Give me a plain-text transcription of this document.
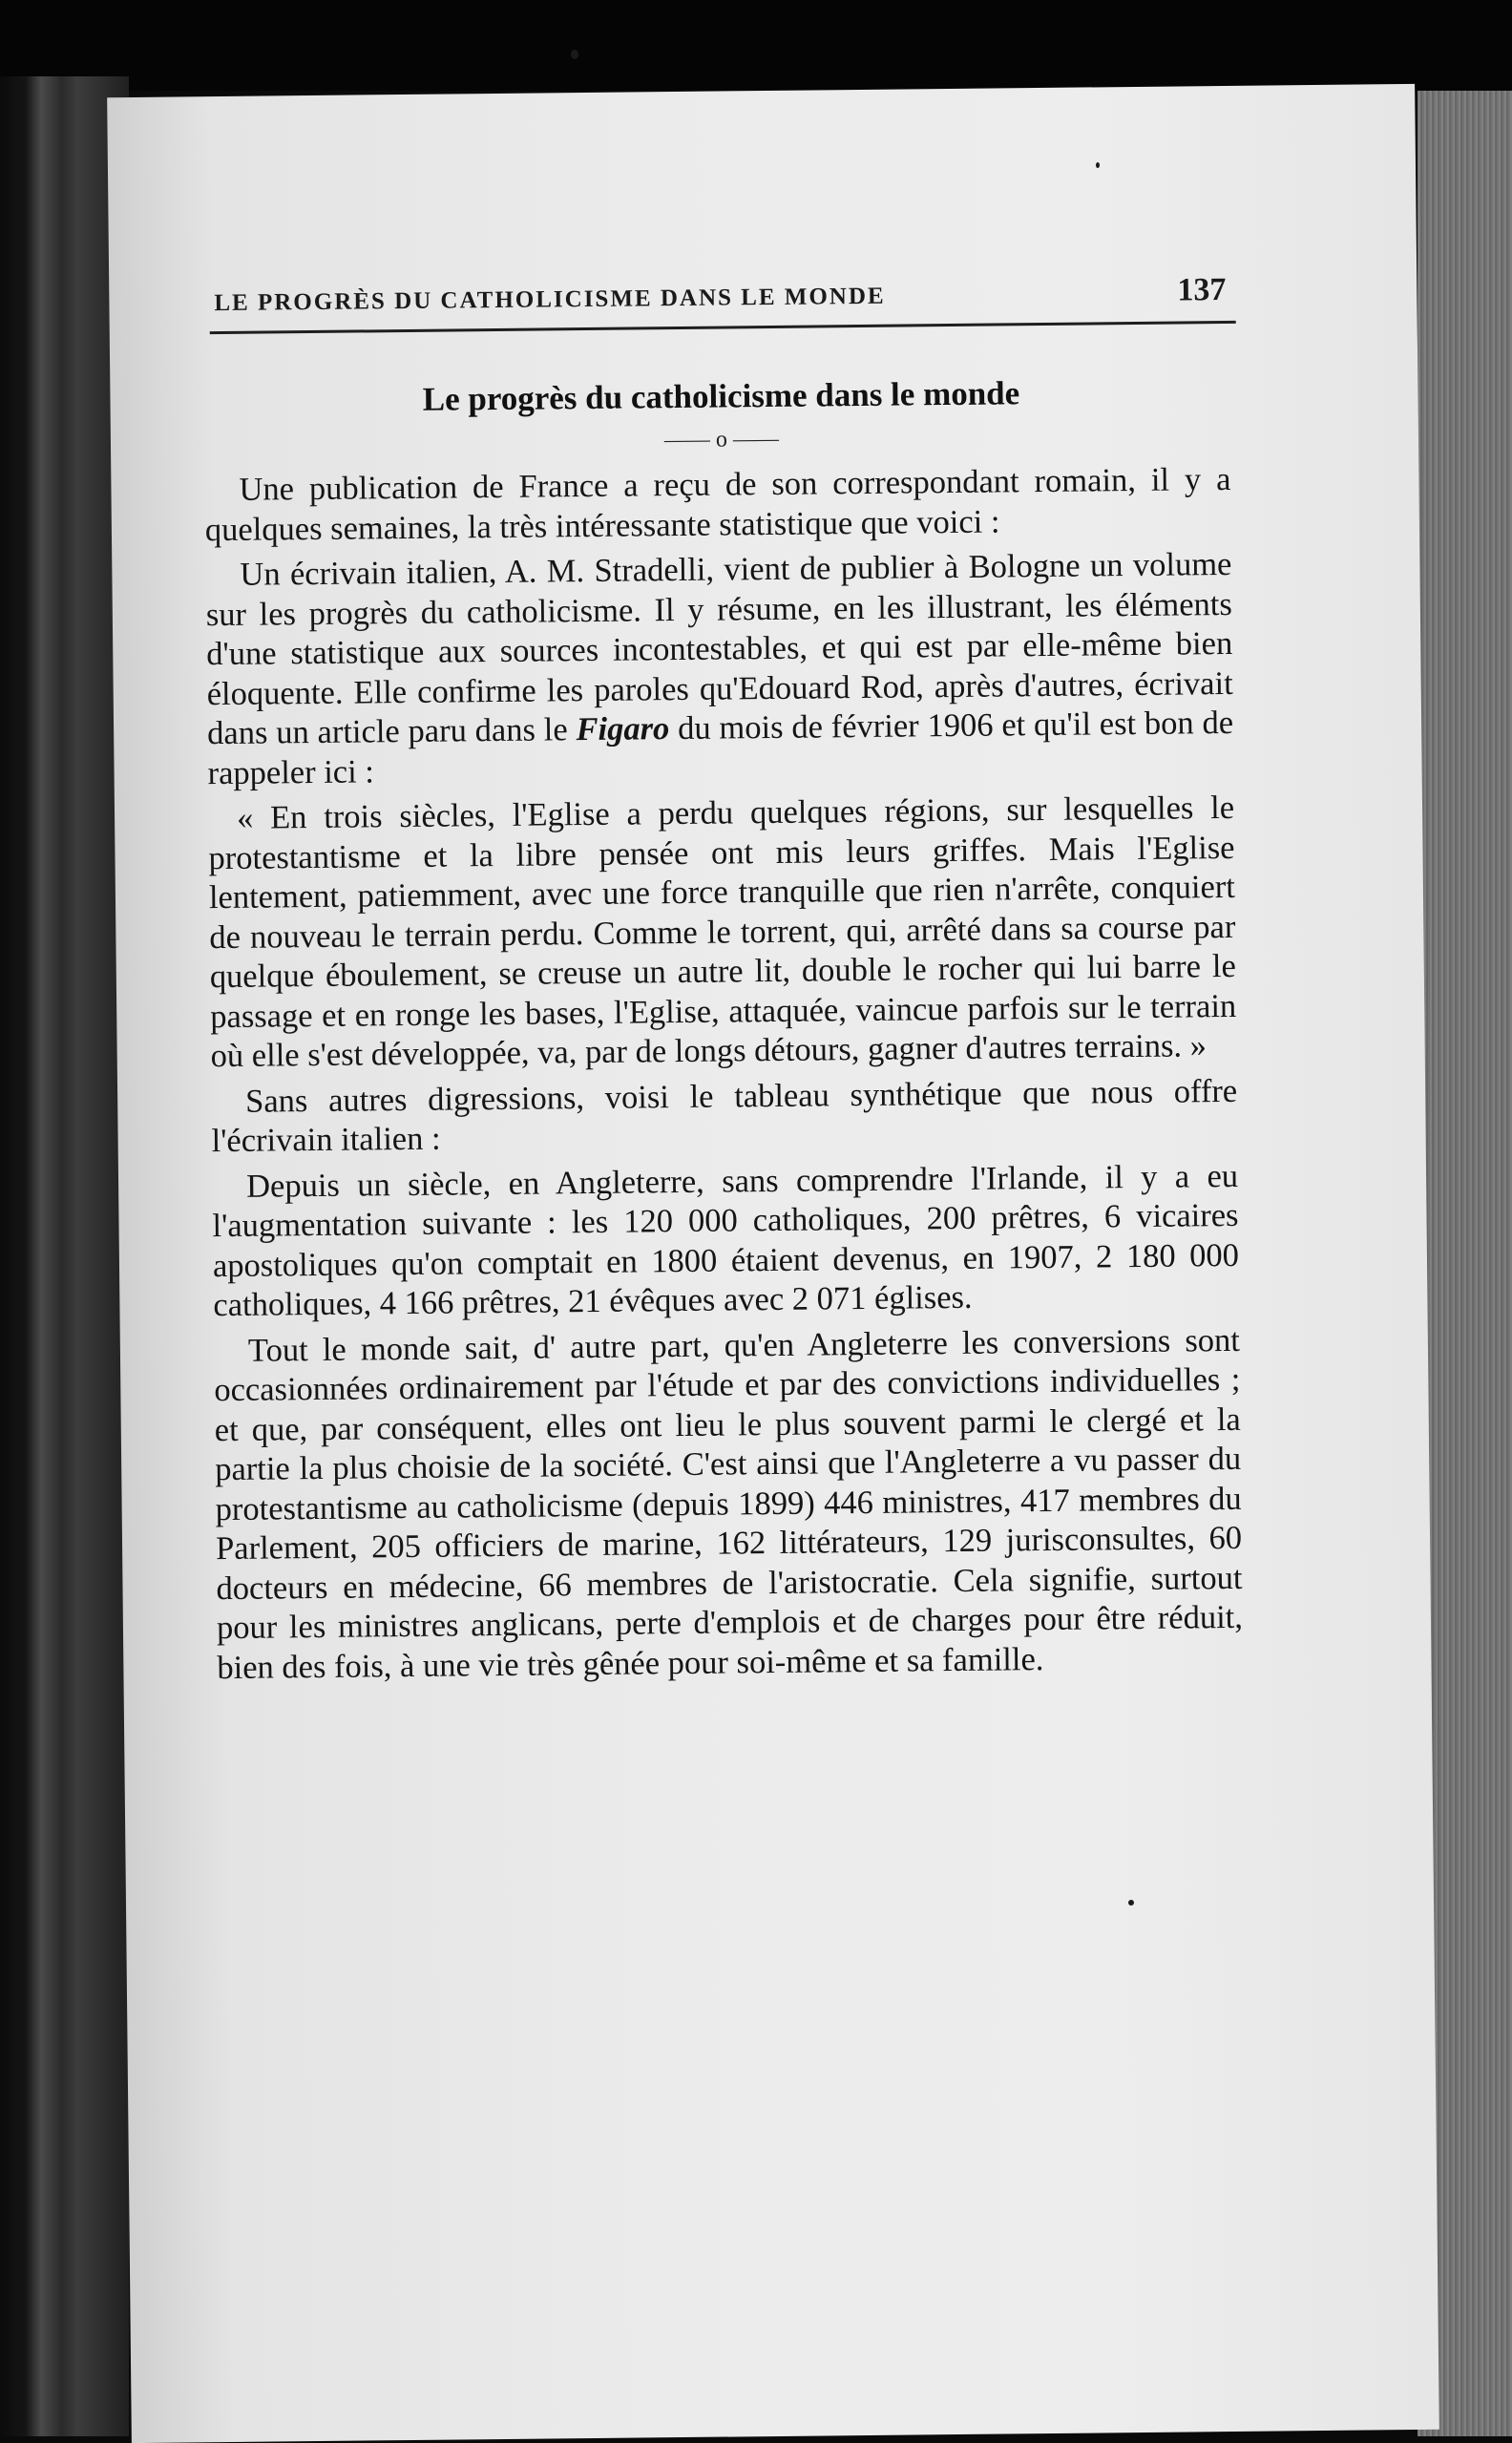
LE PROGRÈS DU CATHOLICISME DANS LE MONDE	137
Le progrès du catholicisme dans le monde
—— o ——

Une publication de France a reçu de son correspondant romain, il y a quelques semaines, la très intéressante statistique que voici :

Un écrivain italien, A. M. Stradelli, vient de publier à Bologne un volume sur les progrès du catholicisme. Il y résume, en les illustrant, les éléments d'une statistique aux sources incontestables, et qui est par elle-même bien éloquente. Elle confirme les paroles qu'Edouard Rod, après d'autres, écrivait dans un article paru dans le Figaro du mois de février 1906 et qu'il est bon de rappeler ici :

« En trois siècles, l'Eglise a perdu quelques régions, sur lesquelles le protestantisme et la libre pensée ont mis leurs griffes. Mais l'Eglise lentement, patiemment, avec une force tranquille que rien n'arrête, conquiert de nouveau le terrain perdu. Comme le torrent, qui, arrêté dans sa course par quelque éboulement, se creuse un autre lit, double le rocher qui lui barre le passage et en ronge les bases, l'Eglise, attaquée, vaincue parfois sur le terrain où elle s'est développée, va, par de longs détours, gagner d'autres terrains. »

Sans autres digressions, voisi le tableau synthétique que nous offre l'écrivain italien :

Depuis un siècle, en Angleterre, sans comprendre l'Irlande, il y a eu l'augmentation suivante : les 120 000 catholiques, 200 prêtres, 6 vicaires apostoliques qu'on comptait en 1800 étaient devenus, en 1907, 2 180 000 catholiques, 4 166 prêtres, 21 évêques avec 2 071 églises.

Tout le monde sait, d' autre part, qu'en Angleterre les conversions sont occasionnées ordinairement par l'étude et par des convictions individuelles ; et que, par conséquent, elles ont lieu le plus souvent parmi le clergé et la partie la plus choisie de la société. C'est ainsi que l'Angleterre a vu passer du protestantisme au catholicisme (depuis 1899) 446 ministres, 417 membres du Parlement, 205 officiers de marine, 162 littérateurs, 129 jurisconsultes, 60 docteurs en médecine, 66 membres de l'aristocratie. Cela signifie, surtout pour les ministres anglicans, perte d'emplois et de charges pour être réduit, bien des fois, à une vie très gênée pour soi-même et sa famille.
